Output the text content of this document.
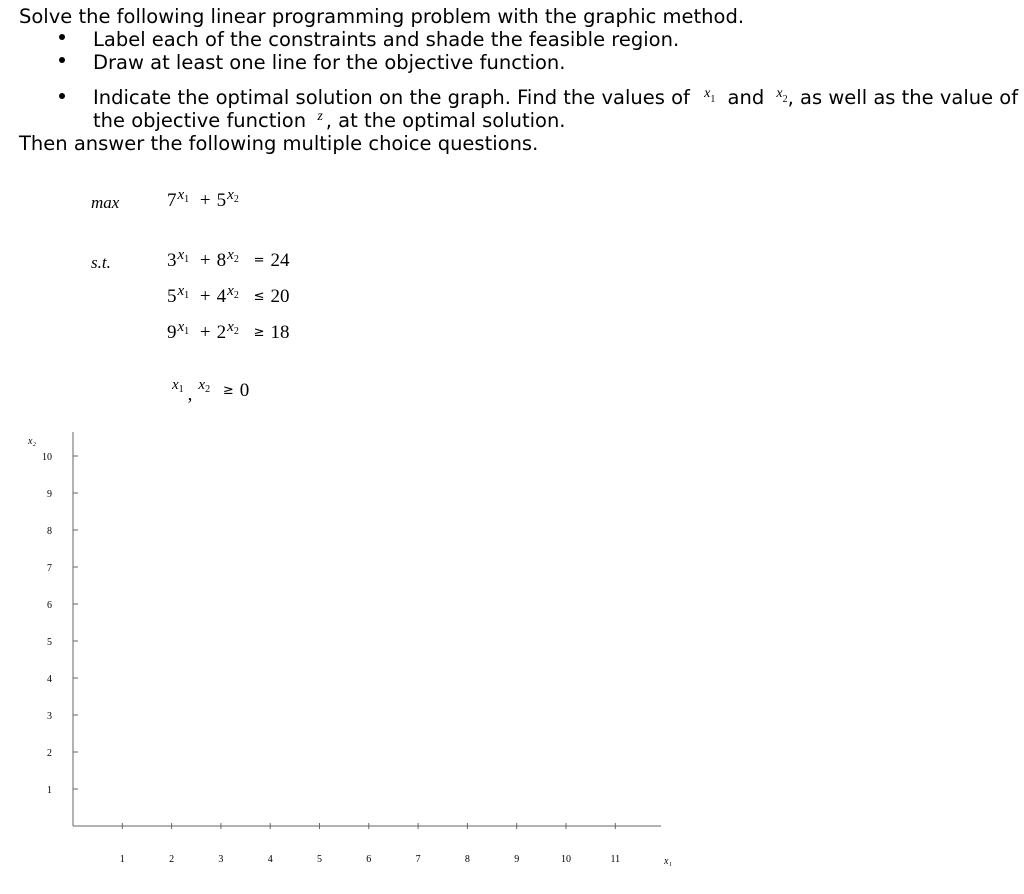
Solve the following linear programming problem with the graphic method.
Label each of the constraints and shade the feasible region.
Draw at least one line for the objective function.
Indicate the optimal solution on the graph. Find the values of $^x$1 and $^x$2, as well as the value of
the objective function $^z$ , at the optimal solution.
Then answer the following multiple choice questions.
max	$7^{x1} + 5^{x2}$
s.t.	$3^{x1} + 8^{x2} = 24$
$5^{x1} + 4^{x2} \le 20$
$9^{x1} + 2^{x2} \ge 18$
$^{x1}$ , $^{x2}$ ≥ 0
x₂
x₁
1
2
3
4
5
6
7
8
9
10
1	2	3	4	5	6	7	8	9	10	11
